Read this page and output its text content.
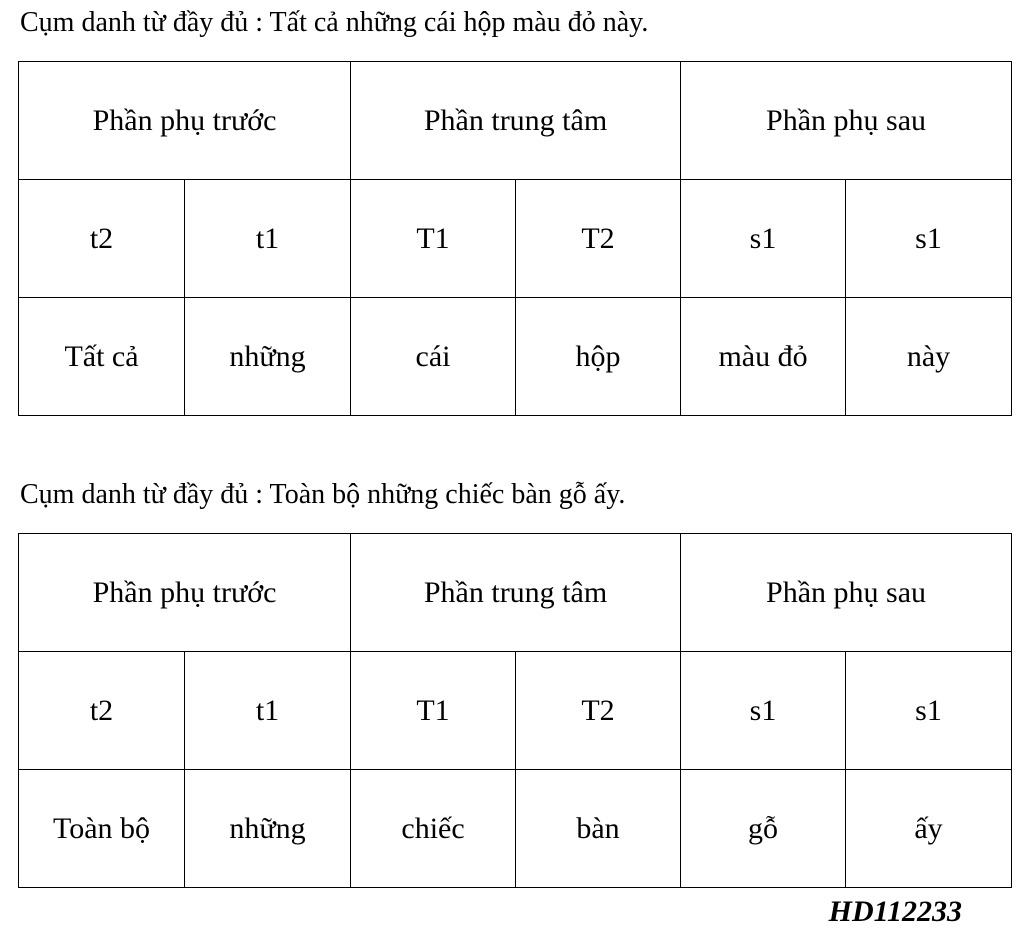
Cụm danh từ đầy đủ : Tất cả những cái hộp màu đỏ này.
Phần phụ trước		Phần trung tâm		Phần phụ sau	
t2	t1	T1	T2	s1	s1
Tất cả	những	cái	hộp	màu đỏ	này
Cụm danh từ đầy đủ : Toàn bộ những chiếc bàn gỗ ấy.
Phần phụ trước		Phần trung tâm		Phần phụ sau	
t2	t1	T1	T2	s1	s1
Toàn bộ	những	chiếc	bàn	gỗ	ấy
HD112233
